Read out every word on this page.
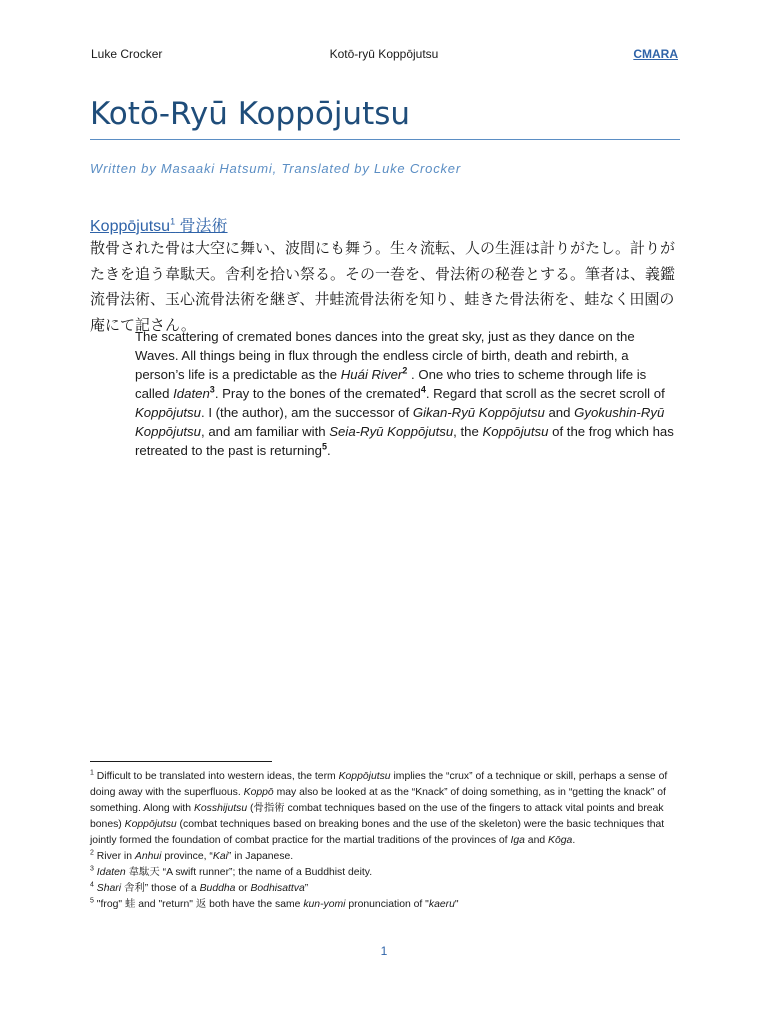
Luke Crocker	Kotō-ryū Koppōjutsu	CMARA
Kotō-Ryū Koppōjutsu
Written by Masaaki Hatsumi, Translated by Luke Crocker
Koppōjutsu$^1$ 骨法術

散骨された骨は大空に舞い、波間にも舞う。生々流転、人の生涯は計りがたし。計りがたきを追う韋駄天。舎利を拾い祭る。その一巻を、骨法術の秘巻とする。筆者は、義鑑流骨法術、玉心流骨法術を継ぎ、井蛙流骨法術を知り、蛙きた骨法術を、蛙なく田園の庵にて記さん。

The scattering of cremated bones dances into the great sky, just as they dance on the Waves. All things being in flux through the endless circle of birth, death and rebirth, a person’s life is a predictable as the Huái River$^2$ . One who tries to scheme through life is called Idaten$^3$. Pray to the bones of the cremated$^4$. Regard that scroll as the secret scroll of Koppōjutsu. I (the author), am the successor of Gikan-Ryū Koppōjutsu and Gyokushin-Ryū Koppōjutsu, and am familiar with Seia-Ryū Koppōjutsu, the Koppōjutsu of the frog which has retreated to the past is returning$^5$.

$^1$ Difficult to be translated into western ideas, the term Koppōjutsu implies the “crux” of a technique or skill, perhaps a sense of doing away with the superfluous. Koppō may also be looked at as the “Knack” of doing something, as in “getting the knack” of something. Along with Kosshijutsu (骨指術 combat techniques based on the use of the fingers to attack vital points and break bones) Koppōjutsu (combat techniques based on breaking bones and the use of the skeleton) were the basic techniques that jointly formed the foundation of combat practice for the martial traditions of the provinces of Iga and Kōga.

$^2$ River in Anhui province, “Kai” in Japanese.

$^3$ Idaten 韋駄天 “A swift runner”; the name of a Buddhist deity.

$^4$ Shari 舎利” those of a Buddha or Bodhisattva”

$^5$ "frog" 蛙 and "return" 返 both have the same kun-yomi pronunciation of "kaeru"

1
